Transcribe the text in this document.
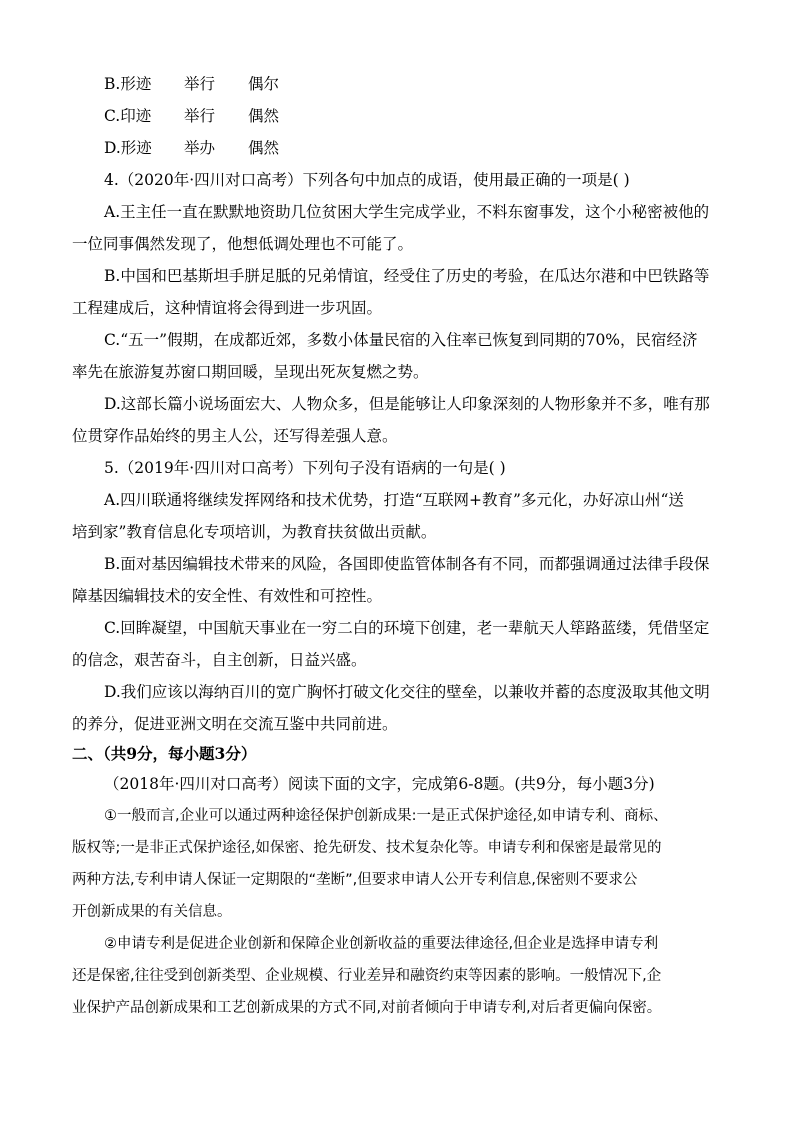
B.形迹 举行 偶尔
C.印迹 举行 偶然
D.形迹 举办 偶然
4.（2020年·四川对口高考）下列各句中加点的成语，使用最正确的一项是( )
A.王主任一直在默默地资助几位贫困大学生完成学业，不料东窗事发，这个小秘密被他的
一位同事偶然发现了，他想低调处理也不可能了。
B.中国和巴基斯坦手胼足胝的兄弟情谊，经受住了历史的考验，在瓜达尔港和中巴铁路等
工程建成后，这种情谊将会得到进一步巩固。
C.“五一”假期，在成都近郊，多数小体量民宿的入住率已恢复到同期的70%，民宿经济
率先在旅游复苏窗口期回暖，呈现出死灰复燃之势。
D.这部长篇小说场面宏大、人物众多，但是能够让人印象深刻的人物形象并不多，唯有那
位贯穿作品始终的男主人公，还写得差强人意。
5.（2019年·四川对口高考）下列句子没有语病的一句是( )
A.四川联通将继续发挥网络和技术优势，打造“互联网+教育”多元化，办好凉山州“送
培到家”教育信息化专项培训，为教育扶贫做出贡献。
B.面对基因编辑技术带来的风险，各国即使监管体制各有不同，而都强调通过法律手段保
障基因编辑技术的安全性、有效性和可控性。
C.回眸凝望，中国航天事业在一穷二白的环境下创建，老一辈航天人筚路蓝缕，凭借坚定
的信念，艰苦奋斗，自主创新，日益兴盛。
D.我们应该以海纳百川的宽广胸怀打破文化交往的壁垒，以兼收并蓄的态度汲取其他文明
的养分，促进亚洲文明在交流互鉴中共同前进。
二、（共9分，每小题3分）
（2018年·四川对口高考）阅读下面的文字，完成第6-8题。(共9分，每小题3分)
①一般而言,企业可以通过两种途径保护创新成果:一是正式保护途径,如申请专利、商标、
版权等;一是非正式保护途径,如保密、抢先研发、技术复杂化等。申请专利和保密是最常见的
两种方法,专利申请人保证一定期限的“垄断”,但要求申请人公开专利信息,保密则不要求公
开创新成果的有关信息。
②申请专利是促进企业创新和保障企业创新收益的重要法律途径,但企业是选择申请专利
还是保密,往往受到创新类型、企业规模、行业差异和融资约束等因素的影响。一般情况下,企
业保护产品创新成果和工艺创新成果的方式不同,对前者倾向于申请专利,对后者更偏向保密。
